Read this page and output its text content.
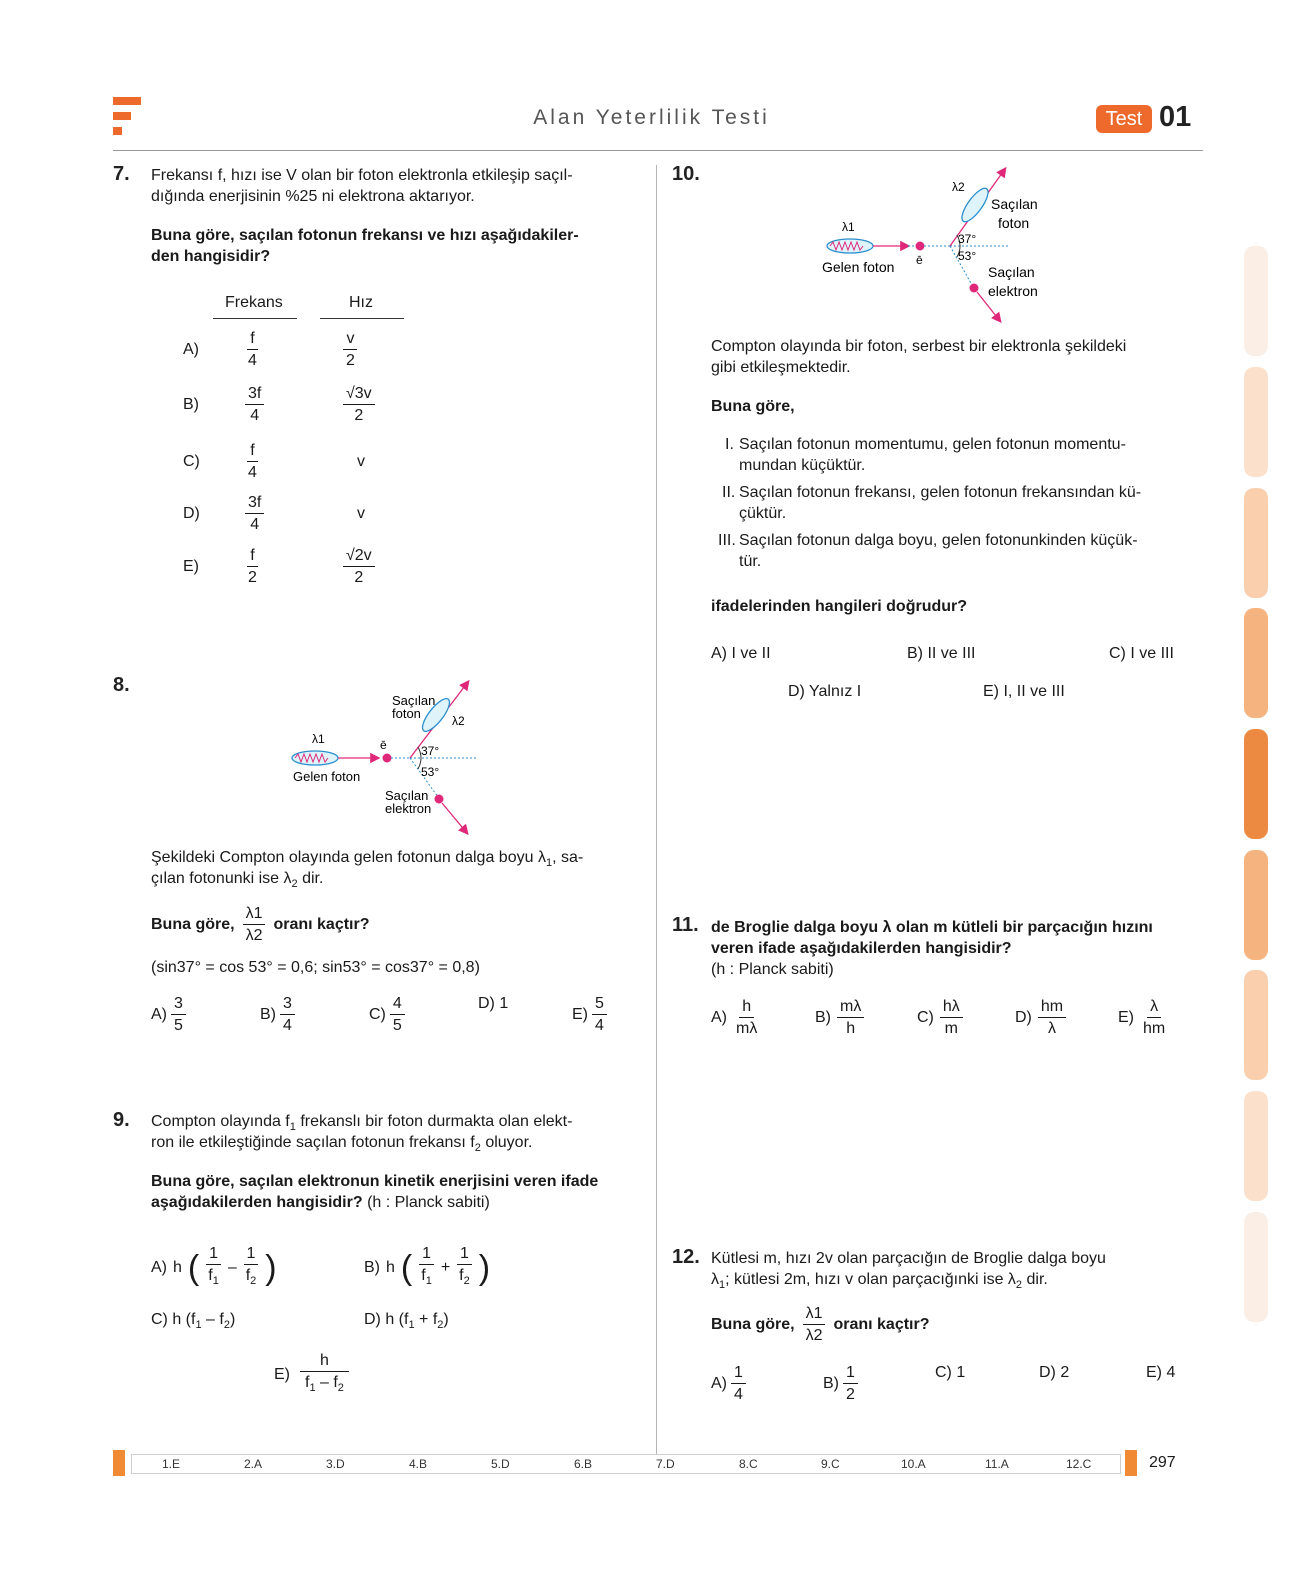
Alan Yeterlilik Testi	Test 01
7. Frekansı f, hızı ise V olan bir foton elektronla etkileşip saçıl-
dığında enerjisinin %25 ni elektrona aktarıyor.
Buna göre, saçılan fotonun frekansı ve hızı aşağıdakiler-
den hangisidir?
Frekans	Hız
A)	$\frac{f}{4}$	$\frac{v}{2}$
B)	$\frac{3f}{4}$	$\frac{√3v}{2}$
C)	$\frac{f}{4}$	v
D)	$\frac{3f}{4}$	v
E)	$\frac{f}{2}$	$\frac{√2v}{2}$
8.
λ1
Gelen foton
ē
λ2
Saçılan
foton
37°
53°
Saçılan
elektron
Şekildeki Compton olayında gelen fotonun dalga boyu $\lambda_1$, sa-
çılan fotonunki ise $\lambda_2$ dir.
Buna göre, $\frac{\lambda 1}{\lambda 2}$ oranı kaçtır?
(sin37° = cos 53° = 0,6; sin53° = cos37° = 0,8)
$A) \frac{3}{5}$	$B) \frac{3}{4}$	$C) \frac{4}{5}$	D) 1
$E) \frac{5}{4}$
9. Compton olayında $f_1$ frekanslı bir foton durmakta olan elekt-
ron ile etkileştiğinde saçılan fotonun frekansı $f_2$ oluyor.
Buna göre, saçılan elektronun kinetik enerjisini veren ifade
aşağıdakilerden hangisidir? (h : Planck sabiti)
A) h ( $\frac{1}{f_1} - \frac{1}{f_2}$ )	B) h ( $\frac{1}{f_1} + \frac{1}{f_2}$ )
C) h $(f_1 - f_2)$	D) h $(f_1 + f_2)$
$E) \frac{h}{f_1 - f_2}$
10.
λ1
Gelen foton ē
λ2
Saçılan
foton
37°
53°
Saçılan
elektron
Compton olayında bir foton, serbest bir elektronla şekildeki
gibi etkileşmektedir.
Buna göre,
I. Saçılan fotonun momentumu, gelen fotonun momentu-
mundan küçüktür.
II. Saçılan fotonun frekansı, gelen fotonun frekansından kü-
çüktür.
III. Saçılan fotonun dalga boyu, gelen fotonunkinden küçük-
tür.
ifadelerinden hangileri doğrudur?
A) I ve II	B) II ve III	C) I ve III
D) Yalnız I	E) I, II ve III
11. de Broglie dalga boyu λ olan m kütleli bir parçacığın hızını
veren ifade aşağıdakilerden hangisidir?
(h : Planck sabiti)
$A) \frac{h}{m\lambda}$	$B) \frac{m\lambda}{h}$	$C) \frac{h\lambda}{m}$	$D) \frac{hm}{\lambda}$	$E) \frac{\lambda}{hm}$
12. Kütlesi m, hızı 2v olan parçacığın de Broglie dalga boyu
$\lambda_1$; kütlesi 2m, hızı v olan parçacığınki ise $\lambda_2$ dir.
Buna göre, $\frac{\lambda 1}{\lambda 2}$ oranı kaçtır?
$A) \frac{1}{4}$	$B) \frac{1}{2}$	C) 1	D) 2	E) 4
1.E	2.A	3.D	4.B	5.D	6.B	7.D	8.C	9.C	10.A	11.A	12.C	297
